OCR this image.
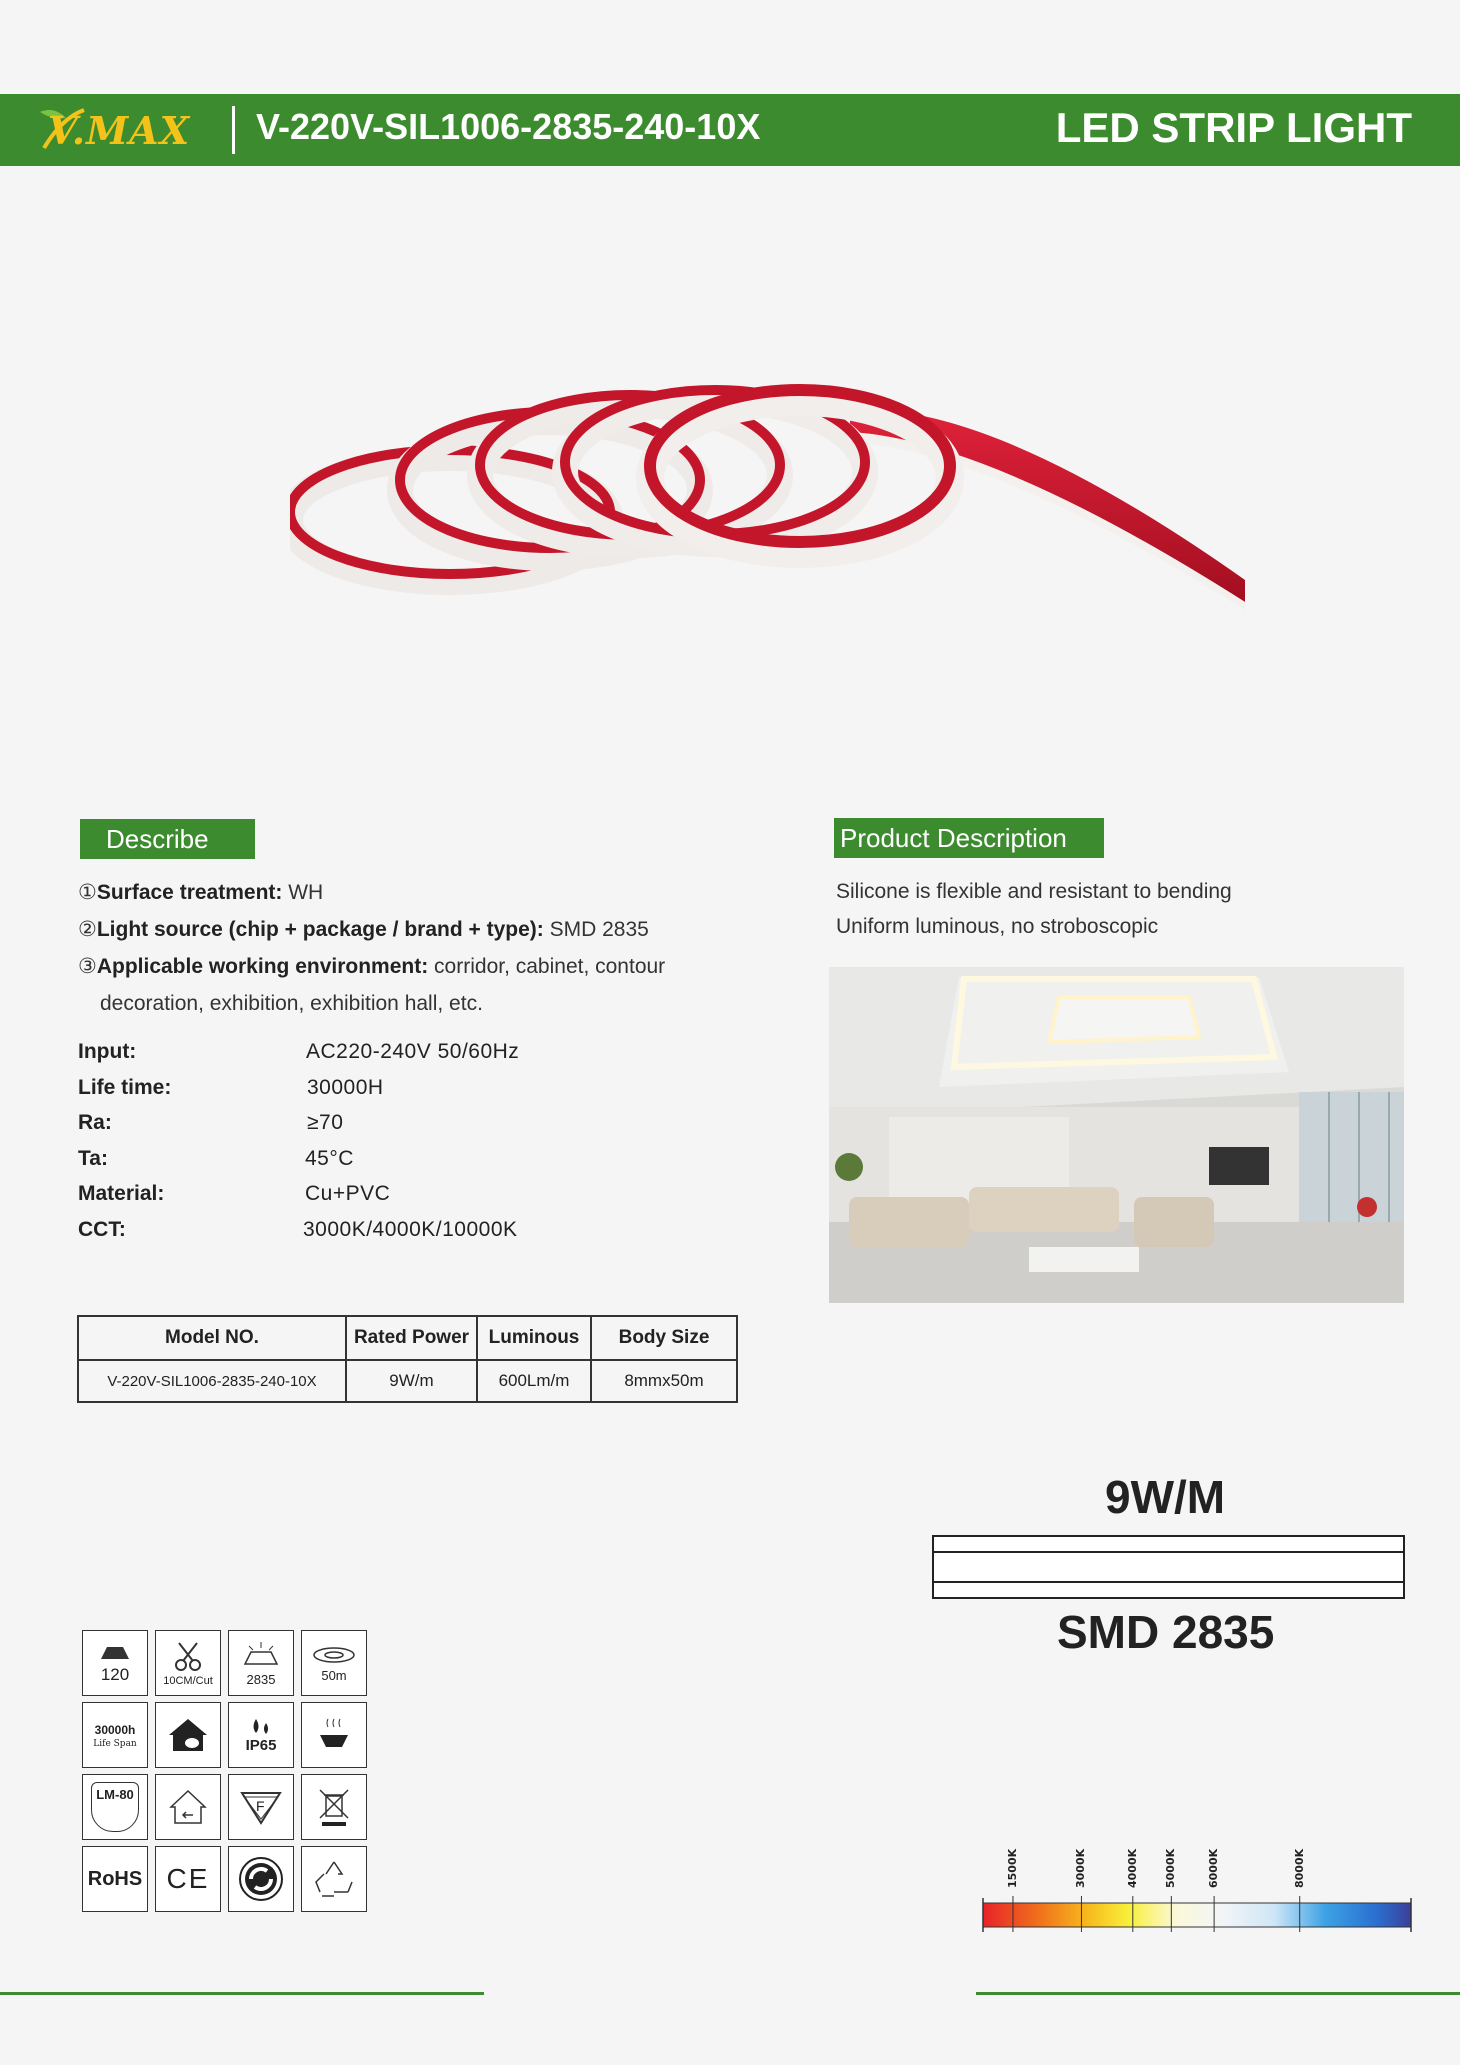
V.MAX V-220V-SIL1006-2835-240-10X	LED STRIP LIGHT
Describe
①Surface treatment: WH
②Light source (chip + package / brand + type): SMD 2835
③Applicable working environment: corridor, cabinet, contour
decoration, exhibition, exhibition hall, etc.
Input:	AC220-240V 50/60Hz
Life time:	30000H
Ra:	≥70
Ta:	45°C
Material:	Cu+PVC
CCT:	3000K/4000K/10000K
Model NO.	Rated Power	Luminous	Body Size
V-220V-SIL1006-2835-240-10X	9W/m	600Lm/m	8mmx50m
Product Description
Silicone is flexible and resistant to bending
Uniform luminous, no stroboscopic
9W/M
SMD 2835
120	10CM/Cut	2835	50m
30000h
Life Span	IP65
LM-80
F
RoHS CE	1500K	3000K	4000K 5000K	6000K	8000K
